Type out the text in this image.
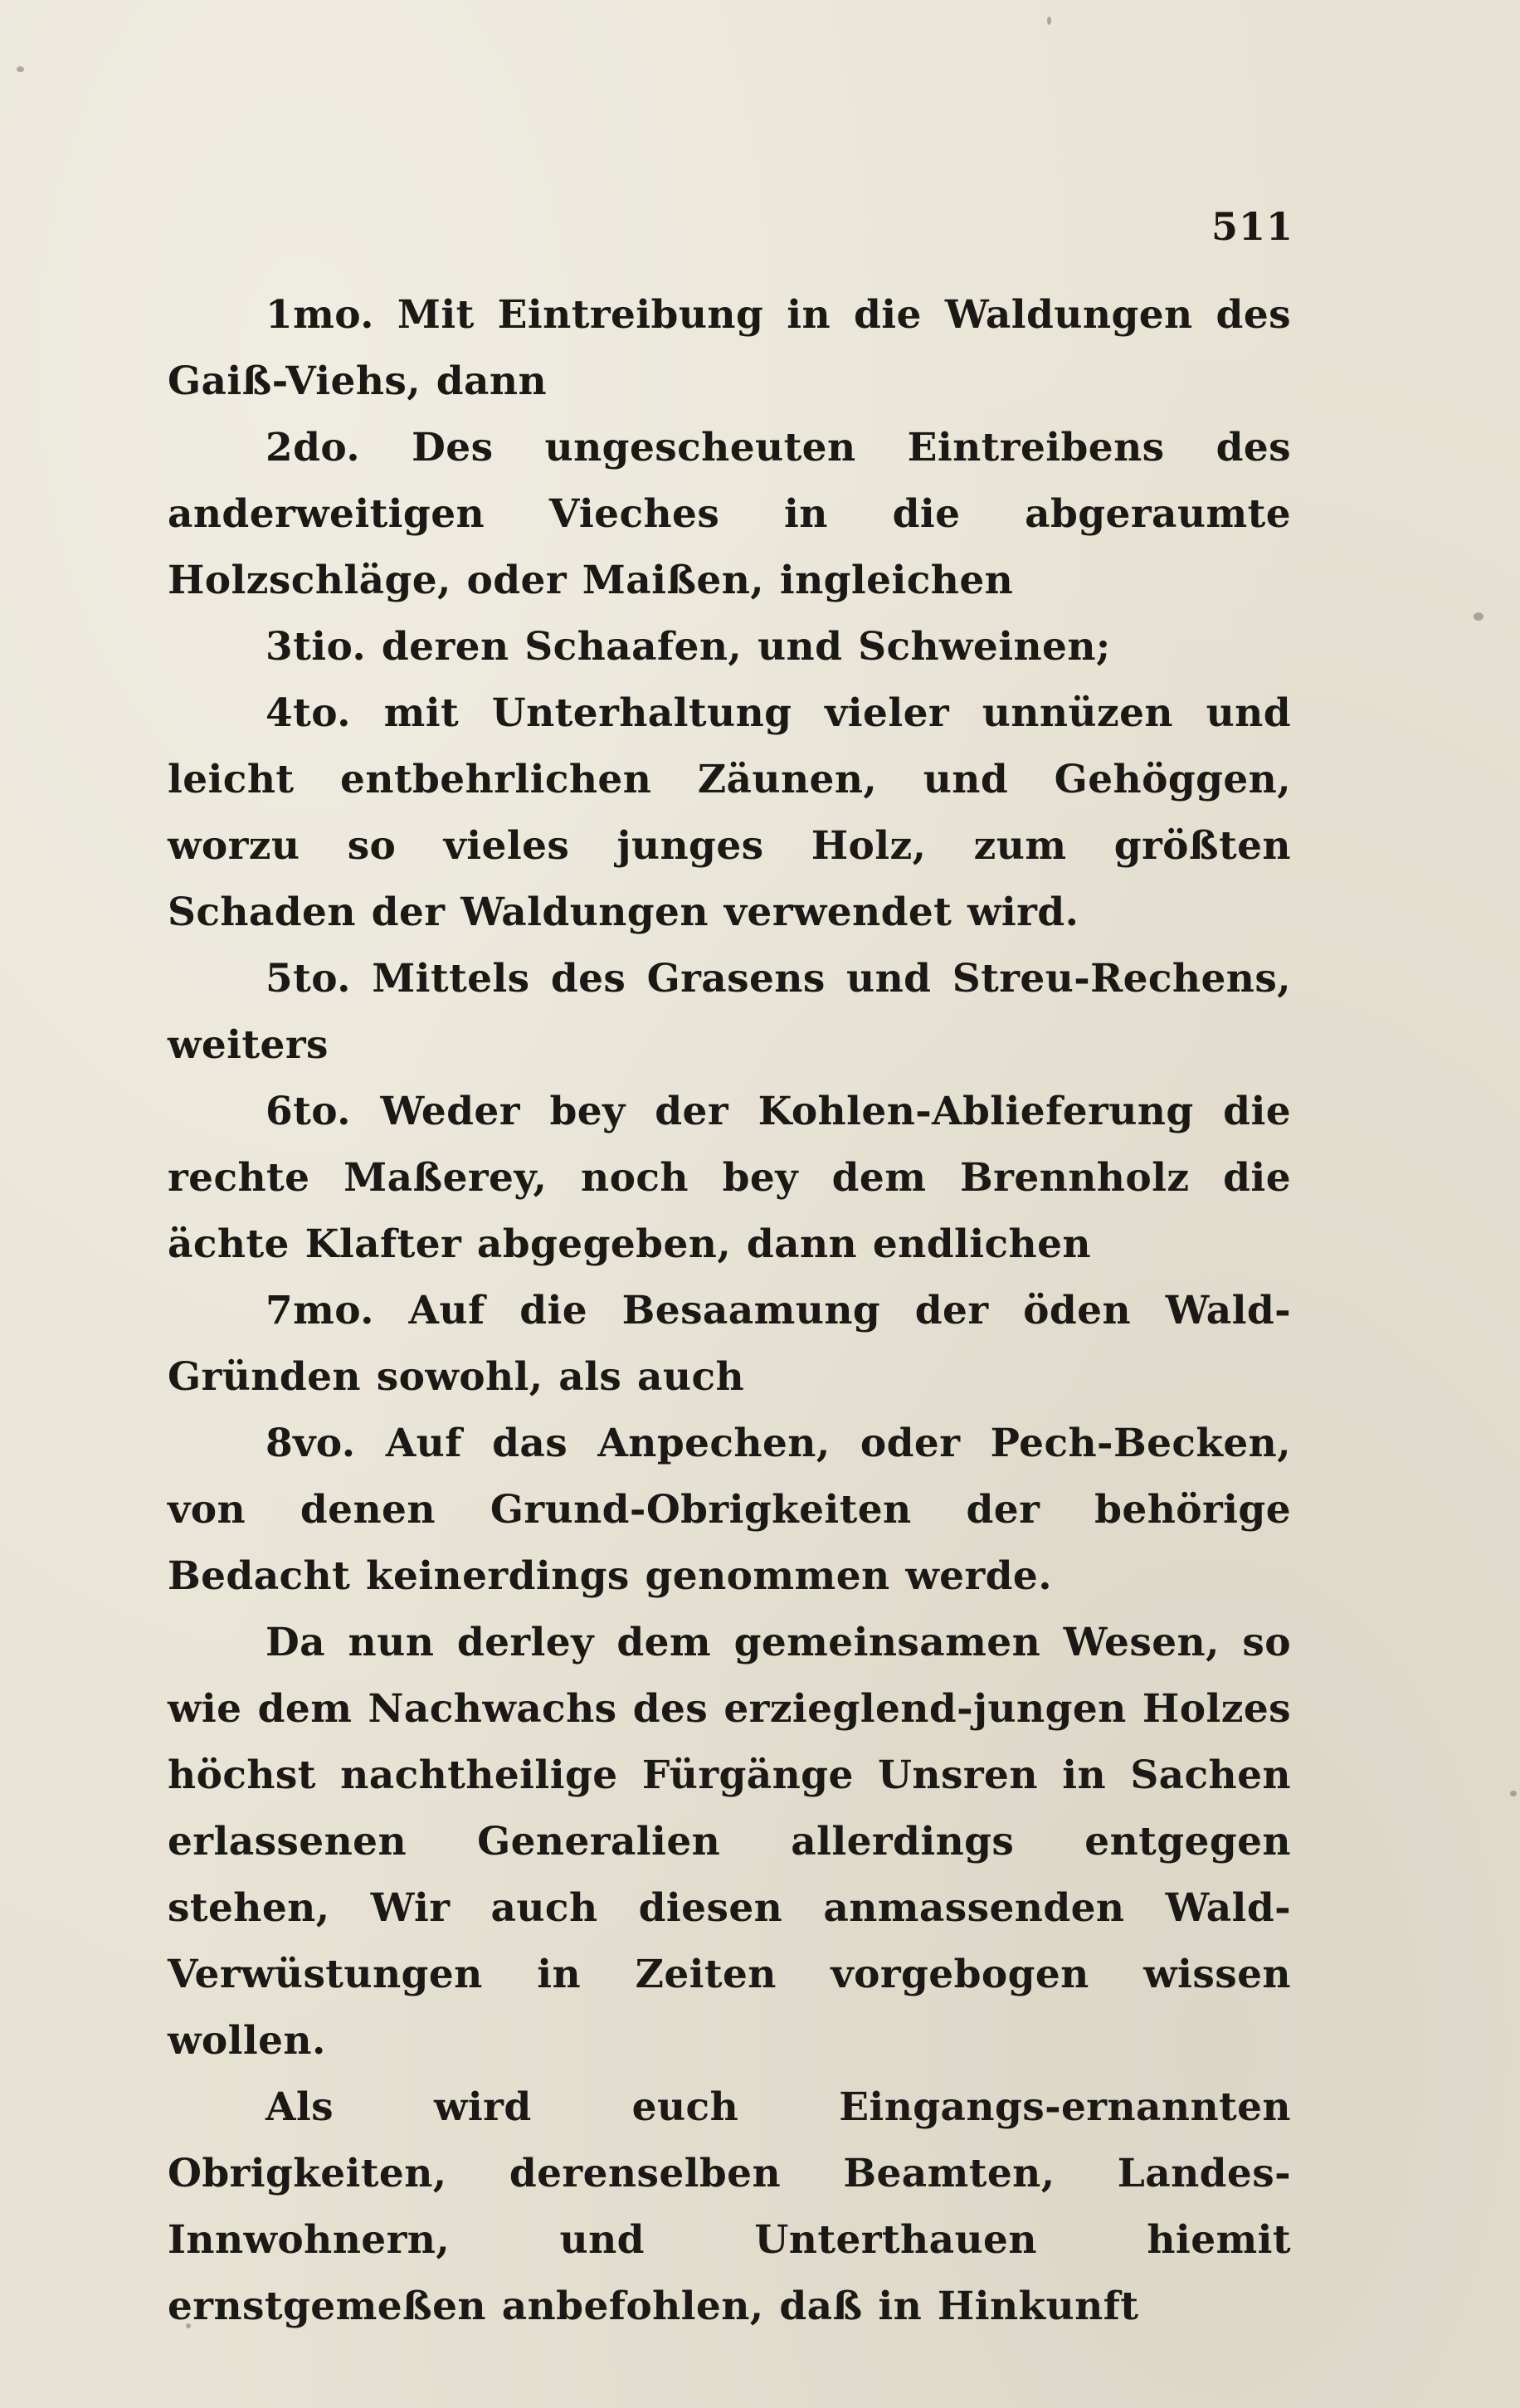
511

1mo. Mit Eintreibung in die Waldungen des Gaiß-Viehs, dann

2do. Des ungescheuten Eintreibens des anderweitigen Vieches in die abgeraumte Holzschläge, oder Maißen, ingleichen

3tio. deren Schaafen, und Schweinen;

4to. mit Unterhaltung vieler unnüzen und leicht entbehrlichen Zäunen, und Gehöggen, worzu so vieles junges Holz, zum größten Schaden der Waldungen verwendet wird.

5to. Mittels des Grasens und Streu-Rechens, weiters

6to. Weder bey der Kohlen-Ablieferung die rechte Maßerey, noch bey dem Brennholz die ächte Klafter abgegeben, dann endlichen

7mo. Auf die Besaamung der öden Wald-Gründen sowohl, als auch

8vo. Auf das Anpechen, oder Pech-Becken, von denen Grund-Obrigkeiten der behörige Bedacht keinerdings genommen werde.

Da nun derley dem gemeinsamen Wesen, so wie dem Nachwachs des erzieglend-jungen Holzes höchst nachtheilige Fürgänge Unsren in Sachen erlassenen Generalien allerdings entgegen stehen, Wir auch diesen anmassenden Wald-Verwüstungen in Zeiten vorgebogen wissen wollen.

Als wird euch Eingangs-ernannten Obrigkeiten, derenselben Beamten, Landes-Innwohnern, und Unterthauen hiemit ernstgemeßen anbefohlen, daß in Hinkunft
